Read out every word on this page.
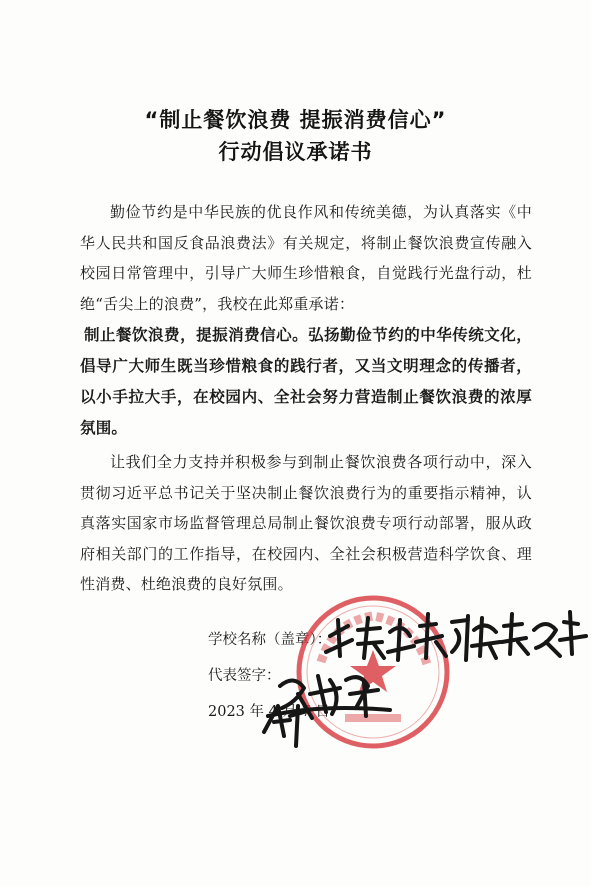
“制止餐饮浪费 提振消费信心”
行动倡议承诺书
勤俭节约是中华民族的优良作风和传统美德，为认真落实《中华人民共和国反食品浪费法》有关规定，将制止餐饮浪费宣传融入校园日常管理中，引导广大师生珍惜粮食，自觉践行光盘行动，杜绝“舌尖上的浪费”，我校在此郑重承诺：
制止餐饮浪费，提振消费信心。弘扬勤俭节约的中华传统文化，倡导广大师生既当珍惜粮食的践行者，又当文明理念的传播者，以小手拉大手，在校园内、全社会努力营造制止餐饮浪费的浓厚氛围。
让我们全力支持并积极参与到制止餐饮浪费各项行动中，深入贯彻习近平总书记关于坚决制止餐饮浪费行为的重要指示精神，认真落实国家市场监督管理总局制止餐饮浪费专项行动部署，服从政府相关部门的工作指导，在校园内、全社会积极营造科学饮食、理性消费、杜绝浪费的良好氛围。
学校名称（盖章）：
代表签字：
2023 年 4 月 7 日
